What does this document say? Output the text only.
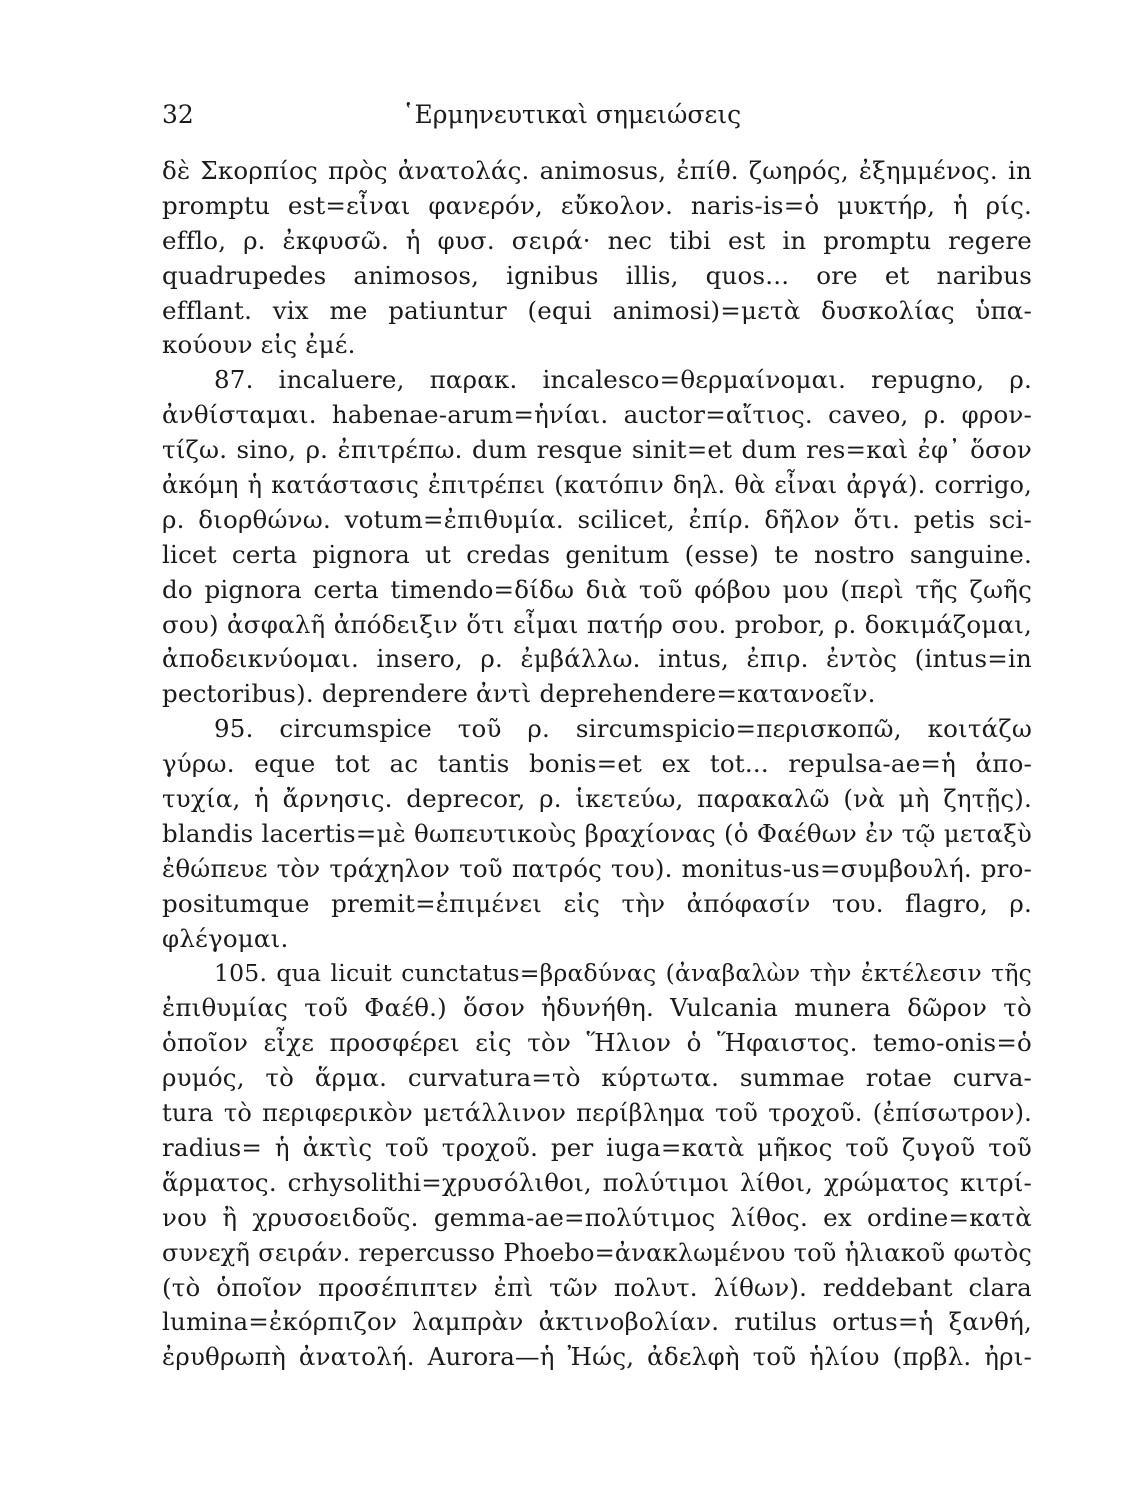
32	῾Ερμηνευτικαὶ σημειώσεις
δὲ Σκορπίος πρὸς ἀνατολάς. animosus, ἐπίθ. ζωηρός, ἐξημμένος. in
promptu est=εἶναι φανερόν, εὔκολον. naris-is=ὁ μυκτήρ, ἡ ρίς.
efflo, ρ. ἐκφυσῶ. ἡ φυσ. σειρά· nec tibi est in promptu regere
quadrupedes animosos, ignibus illis, quos... ore et naribus
efflant. vix me patiuntur (equi animosi)=μετὰ δυσκολίας ὑπα-
κούουν εἰς ἐμέ.
87. incaluere, παρακ. incalesco=θερμαίνομαι. repugno, ρ.
ἀνθίσταμαι. habenae-arum=ἡνίαι. auctor=αἴτιος. caveo, ρ. φρον-
τίζω. sino, ρ. ἐπιτρέπω. dum resque sinit=et dum res=καὶ ἐφ᾽ ὅσον
ἀκόμη ἡ κατάστασις ἐπιτρέπει (κατόπιν δηλ. θὰ εἶναι ἀργά). corrigo,
ρ. διορθώνω. votum=ἐπιθυμία. scilicet, ἐπίρ. δῆλον ὅτι. petis sci-
licet certa pignora ut credas genitum (esse) te nostro sanguine.
do pignora certa timendo=δίδω διὰ τοῦ φόβου μου (περὶ τῆς ζωῆς
σου) ἀσφαλῆ ἀπόδειξιν ὅτι εἶμαι πατήρ σου. probor, ρ. δοκιμάζομαι,
ἀποδεικνύομαι. insero, ρ. ἐμβάλλω. intus, ἐπιρ. ἐντὸς (intus=in
pectoribus). deprendere ἀντὶ deprehendere=κατανοεῖν.
95. circumspice τοῦ ρ. sircumspicio=περισκοπῶ, κοιτάζω
γύρω. eque tot ac tantis bonis=et ex tot... repulsa-ae=ἡ ἀπο-
τυχία, ἡ ἄρνησις. deprecor, ρ. ἱκετεύω, παρακαλῶ (νὰ μὴ ζητῇς).
blandis lacertis=μὲ θωπευτικοὺς βραχίονας (ὁ Φαέθων ἐν τῷ μεταξὺ
ἐθώπευε τὸν τράχηλον τοῦ πατρός του). monitus-us=συμβουλή. pro-
positumque premit=ἐπιμένει εἰς τὴν ἀπόφασίν του. flagro, ρ.
φλέγομαι.
105. qua licuit cunctatus=βραδύνας (ἀναβαλὼν τὴν ἐκτέλεσιν τῆς
ἐπιθυμίας τοῦ Φαέθ.) ὅσον ἠδυνήθη. Vulcania munera δῶρον τὸ
ὁποῖον εἶχε προσφέρει εἰς τὸν Ἥλιον ὁ Ἥφαιστος. temo-onis=ὁ
ρυμός, τὸ ἅρμα. curvatura=τὸ κύρτωτα. summae rotae curva-
tura τὸ περιφερικὸν μετάλλινον περίβλημα τοῦ τροχοῦ. (ἐπίσωτρον).
radius= ἡ ἀκτὶς τοῦ τροχοῦ. per iuga=κατὰ μῆκος τοῦ ζυγοῦ τοῦ
ἅρματος. crhysolithi=χρυσόλιθοι, πολύτιμοι λίθοι, χρώματος κιτρί-
νου ἢ χρυσοειδοῦς. gemma-ae=πολύτιμος λίθος. ex ordine=κατὰ
συνεχῆ σειράν. repercusso Phoebo=ἀνακλωμένου τοῦ ἡλιακοῦ φωτὸς
(τὸ ὁποῖον προσέπιπτεν ἐπὶ τῶν πολυτ. λίθων). reddebant clara
lumina=ἐκόρπιζον λαμπρὰν ἀκτινοβολίαν. rutilus ortus=ἡ ξανθή,
ἐρυθρωπὴ ἀνατολή. Aurora—ἡ Ἠώς, ἀδελφὴ τοῦ ἡλίου (πρβλ. ἠρι-
